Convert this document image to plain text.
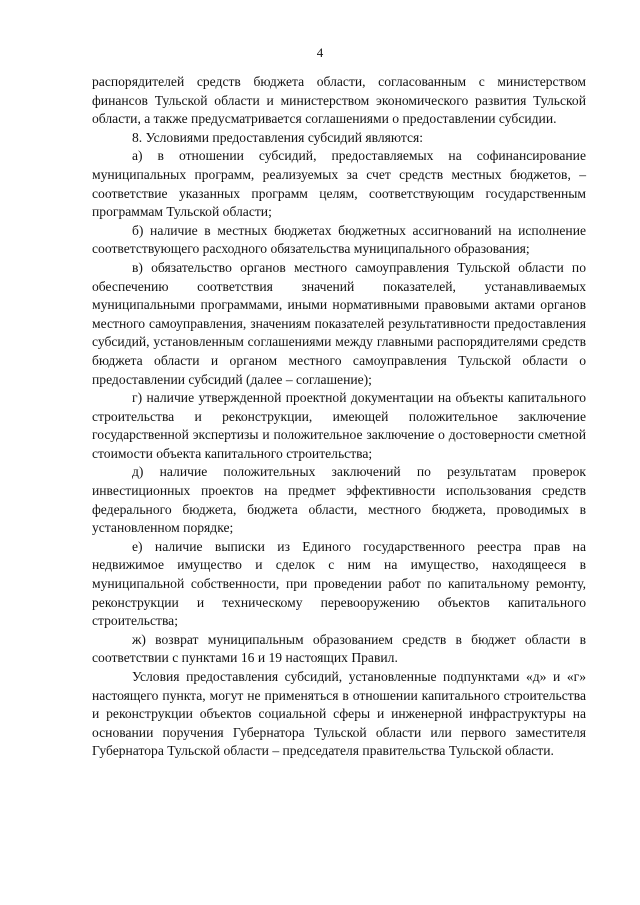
4

распорядителей средств бюджета области, согласованным с министерством финансов Тульской области и министерством экономического развития Тульской области, а также предусматривается соглашениями о предоставлении субсидии.

8. Условиями предоставления субсидий являются:

а) в отношении субсидий, предоставляемых на софинансирование муниципальных программ, реализуемых за счет средств местных бюджетов, – соответствие указанных программ целям, соответствующим государственным программам Тульской области;

б) наличие в местных бюджетах бюджетных ассигнований на исполнение соответствующего расходного обязательства муниципального образования;

в) обязательство органов местного самоуправления Тульской области по обеспечению соответствия значений показателей, устанавливаемых муниципальными программами, иными нормативными правовыми актами органов местного самоуправления, значениям показателей результативности предоставления субсидий, установленным соглашениями между главными распорядителями средств бюджета области и органом местного самоуправления Тульской области о предоставлении субсидий (далее – соглашение);

г) наличие утвержденной проектной документации на объекты капитального строительства и реконструкции, имеющей положительное заключение государственной экспертизы и положительное заключение о достоверности сметной стоимости объекта капитального строительства;

д) наличие положительных заключений по результатам проверок инвестиционных проектов на предмет эффективности использования средств федерального бюджета, бюджета области, местного бюджета, проводимых в установленном порядке;

е) наличие выписки из Единого государственного реестра прав на недвижимое имущество и сделок с ним на имущество, находящееся в муниципальной собственности, при проведении работ по капитальному ремонту, реконструкции и техническому перевооружению объектов капитального строительства;

ж) возврат муниципальным образованием средств в бюджет области в соответствии с пунктами 16 и 19 настоящих Правил.

Условия предоставления субсидий, установленные подпунктами «д» и «г» настоящего пункта, могут не применяться в отношении капитального строительства и реконструкции объектов социальной сферы и инженерной инфраструктуры на основании поручения Губернатора Тульской области или первого заместителя Губернатора Тульской области – председателя правительства Тульской области.
